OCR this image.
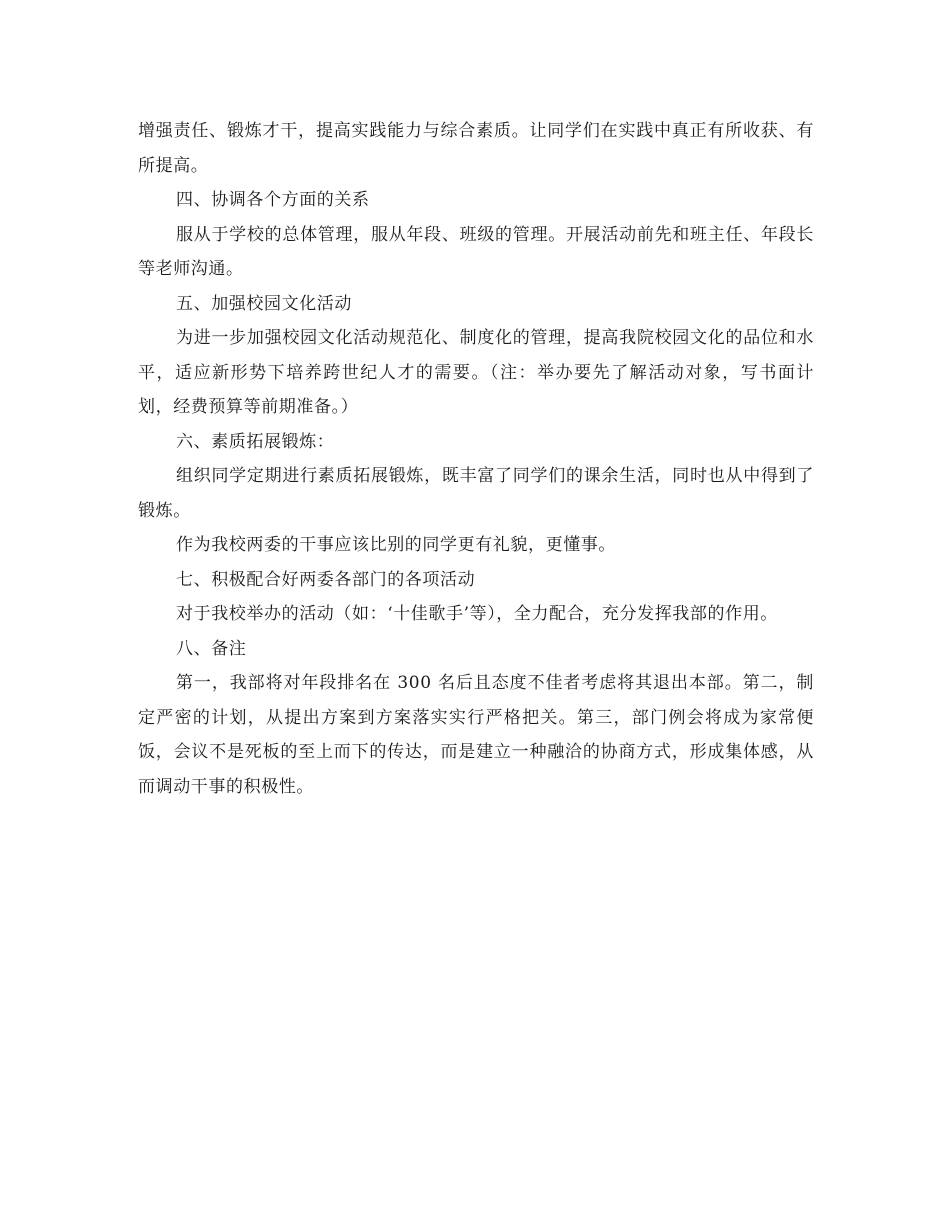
增强责任、锻炼才干，提高实践能力与综合素质。让同学们在实践中真正有所收获、有所提高。

四、协调各个方面的关系

服从于学校的总体管理，服从年段、班级的管理。开展活动前先和班主任、年段长等老师沟通。

五、加强校园文化活动

为进一步加强校园文化活动规范化、制度化的管理，提高我院校园文化的品位和水平，适应新形势下培养跨世纪人才的需要。（注：举办要先了解活动对象，写书面计划，经费预算等前期准备。）

六、素质拓展锻炼：

组织同学定期进行素质拓展锻炼，既丰富了同学们的课余生活，同时也从中得到了锻炼。

作为我校两委的干事应该比别的同学更有礼貌，更懂事。

七、积极配合好两委各部门的各项活动

对于我校举办的活动（如：‘十佳歌手’等），全力配合，充分发挥我部的作用。

八、备注

第一，我部将对年段排名在 300 名后且态度不佳者考虑将其退出本部。第二，制定严密的计划，从提出方案到方案落实实行严格把关。第三，部门例会将成为家常便饭，会议不是死板的至上而下的传达，而是建立一种融洽的协商方式，形成集体感，从而调动干事的积极性。
